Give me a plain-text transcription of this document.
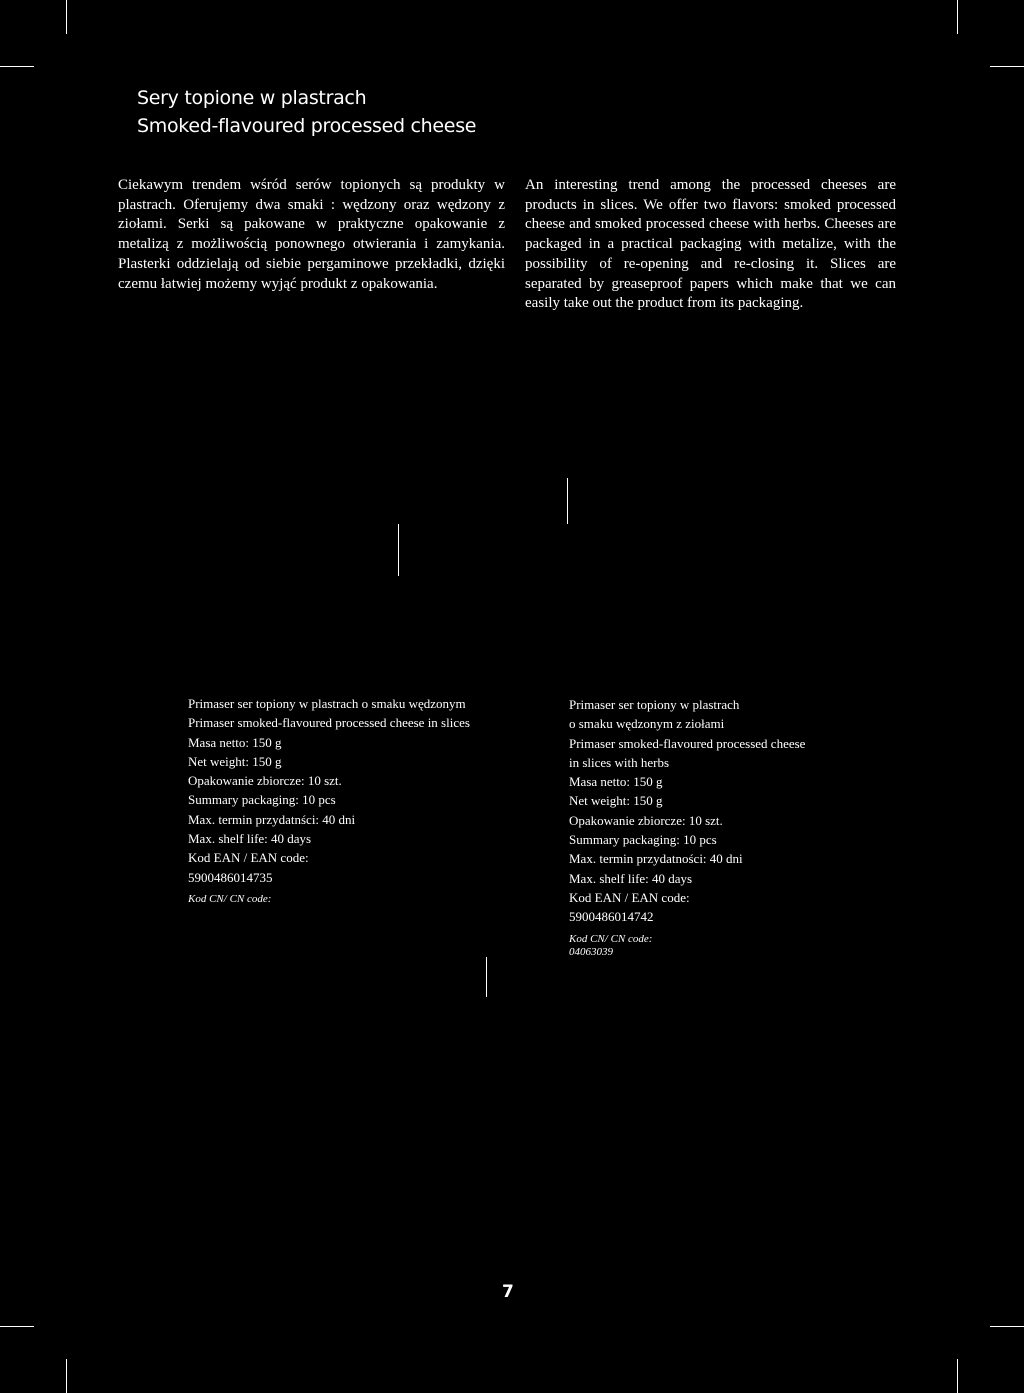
Sery topione w plastrach
Smoked-flavoured processed cheese

Ciekawym trendem wśród serów topionych są produkty w plastrach. Oferujemy dwa smaki : wędzony oraz wędzony z ziołami. Serki są pakowane w praktyczne opakowanie z metalizą z możliwością ponownego otwierania i zamykania. Plasterki oddzielają od siebie pergaminowe przekładki, dzięki czemu łatwiej możemy wyjąć produkt z opakowania.

An interesting trend among the processed cheeses are products in slices. We offer two flavors: smoked processed cheese and smoked processed cheese with herbs. Cheeses are packaged in a practical packaging with metalize, with the possibility of re-opening and re-closing it. Slices are separated by greaseproof papers which make that we can easily take out the product from its packaging.

Primaser ser topiony w plastrach o smaku wędzonym
Primaser smoked-flavoured processed cheese in slices
Masa netto: 150 g
Net weight: 150 g
Opakowanie zbiorcze: 10 szt.
Summary packaging: 10 pcs
Max. termin przydatnści: 40 dni
Max. shelf life: 40 days
Kod EAN / EAN code:
5900486014735
Kod CN/ CN code:
Primaser ser topiony w plastrach
o smaku wędzonym z ziołami
Primaser smoked-flavoured processed cheese
in slices with herbs
Masa netto: 150 g
Net weight: 150 g
Opakowanie zbiorcze: 10 szt.
Summary packaging: 10 pcs
Max. termin przydatności: 40 dni
Max. shelf life: 40 days
Kod EAN / EAN code:
5900486014742
Kod CN/ CN code:
04063039
7
